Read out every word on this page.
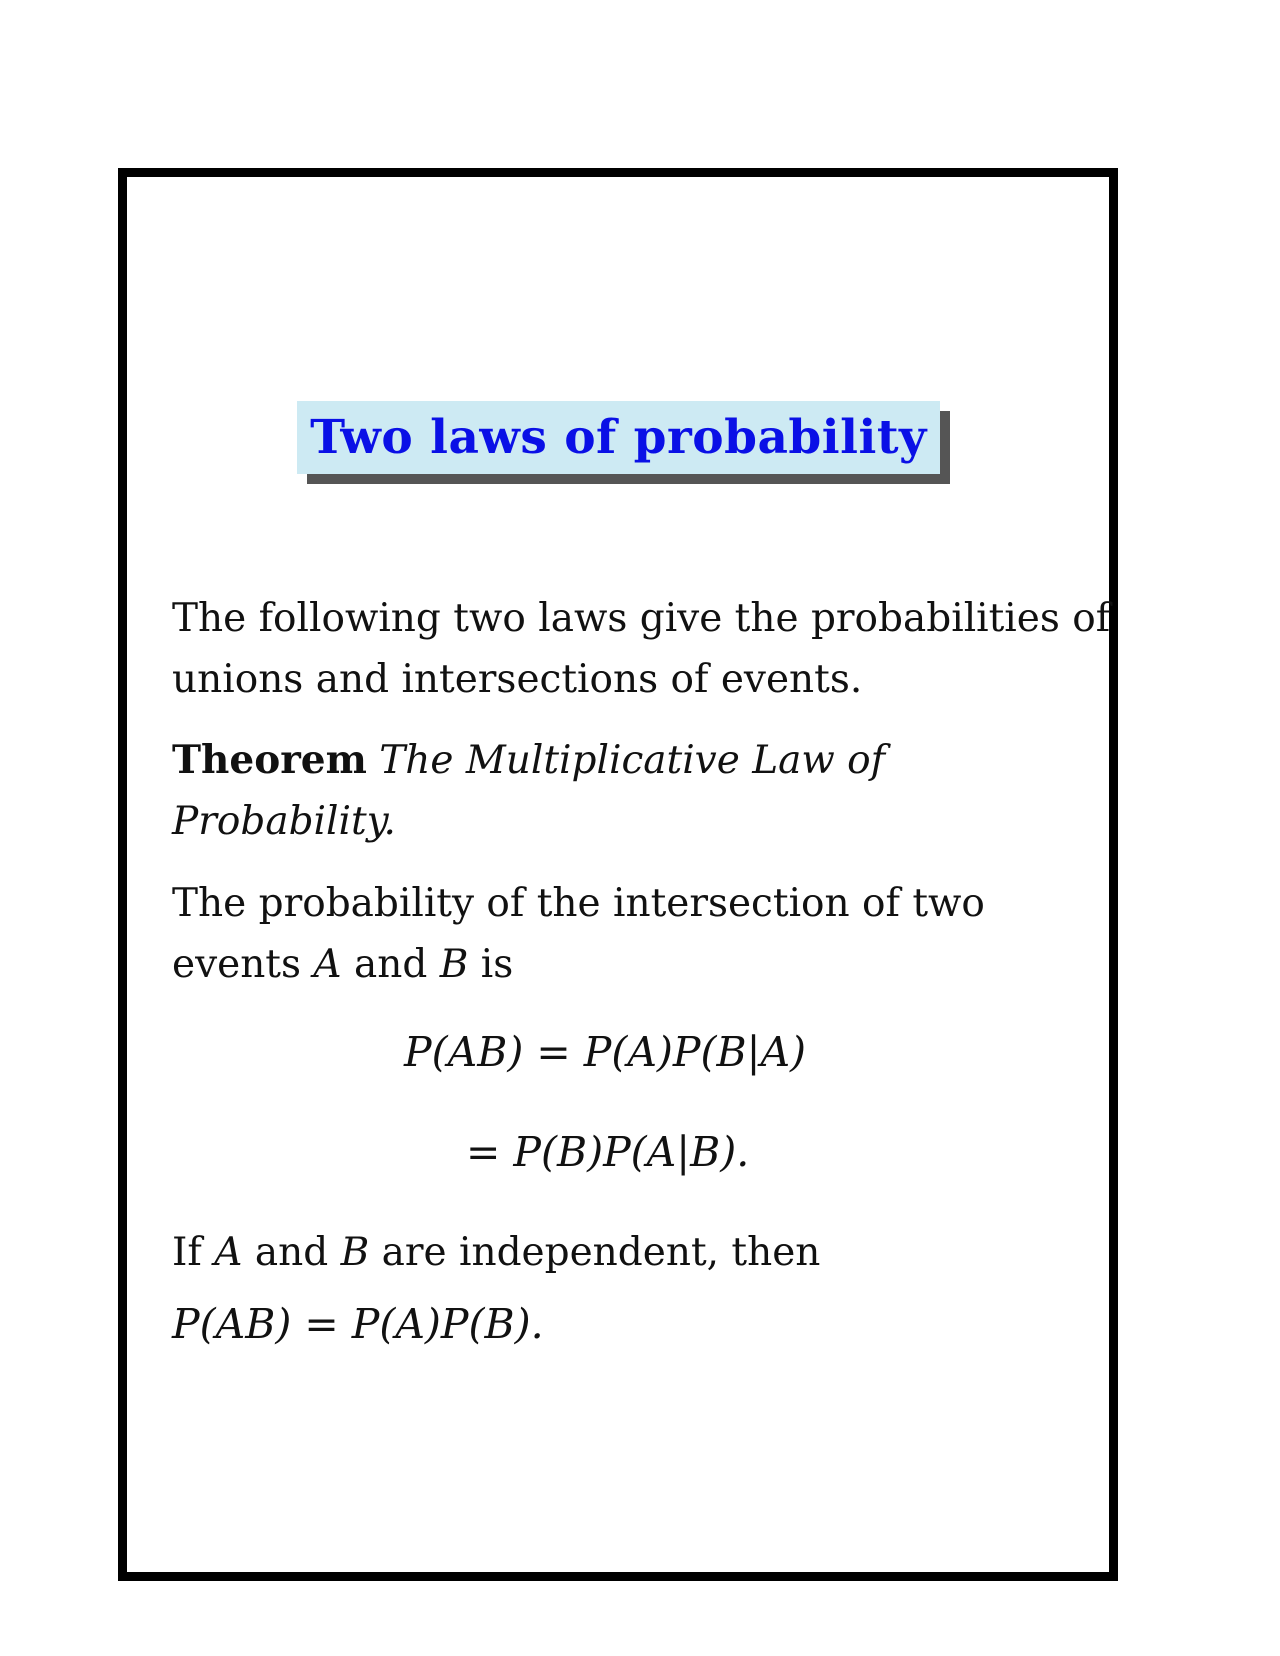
Two laws of probability
The following two laws give the probabilities of
unions and intersections of events.
Theorem The Multiplicative Law of
Probability.
The probability of the intersection of two
events A and B is
P(AB) = P(A)P(B|A)
= P(B)P(A|B).
If A and B are independent, then
P(AB) = P(A)P(B).
